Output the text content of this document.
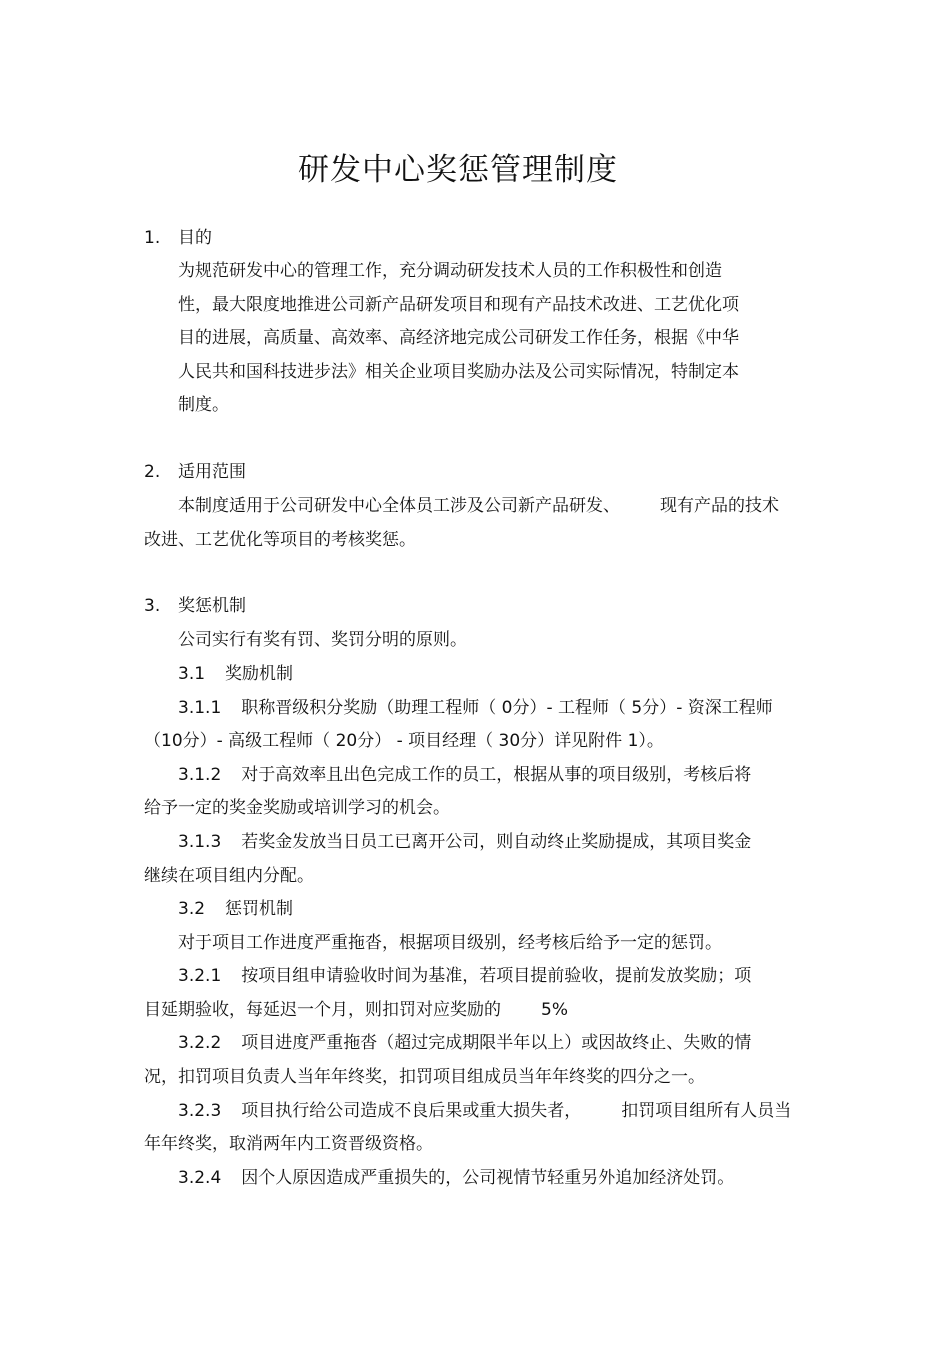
研发中心奖惩管理制度
1. 目的
为规范研发中心的管理工作，充分调动研发技术人员的工作积极性和创造
性，最大限度地推进公司新产品研发项目和现有产品技术改进、工艺优化项
目的进展，高质量、高效率、高经济地完成公司研发工作任务，根据《中华
人民共和国科技进步法》相关企业项目奖励办法及公司实际情况，特制定本
制度。
2. 适用范围
本制度适用于公司研发中心全体员工涉及公司新产品研发、 现有产品的技术
改进、工艺优化等项目的考核奖惩。
3. 奖惩机制
公司实行有奖有罚、奖罚分明的原则。
3.1 奖励机制
3.1.1 职称晋级积分奖励（助理工程师（ 0分）- 工程师（ 5分）- 资深工程师
（10分）- 高级工程师（ 20分） - 项目经理（ 30分）详见附件 1）。
3.1.2 对于高效率且出色完成工作的员工，根据从事的项目级别，考核后将
给予一定的奖金奖励或培训学习的机会。
3.1.3 若奖金发放当日员工已离开公司，则自动终止奖励提成，其项目奖金
继续在项目组内分配。
3.2 惩罚机制
对于项目工作进度严重拖沓，根据项目级别，经考核后给予一定的惩罚。
3.2.1 按项目组申请验收时间为基准，若项目提前验收，提前发放奖励；项
目延期验收，每延迟一个月，则扣罚对应奖励的 5%
3.2.2 项目进度严重拖沓（超过完成期限半年以上）或因故终止、失败的情
况，扣罚项目负责人当年年终奖，扣罚项目组成员当年年终奖的四分之一。
3.2.3 项目执行给公司造成不良后果或重大损失者， 扣罚项目组所有人员当
年年终奖，取消两年内工资晋级资格。
3.2.4 因个人原因造成严重损失的，公司视情节轻重另外追加经济处罚。
